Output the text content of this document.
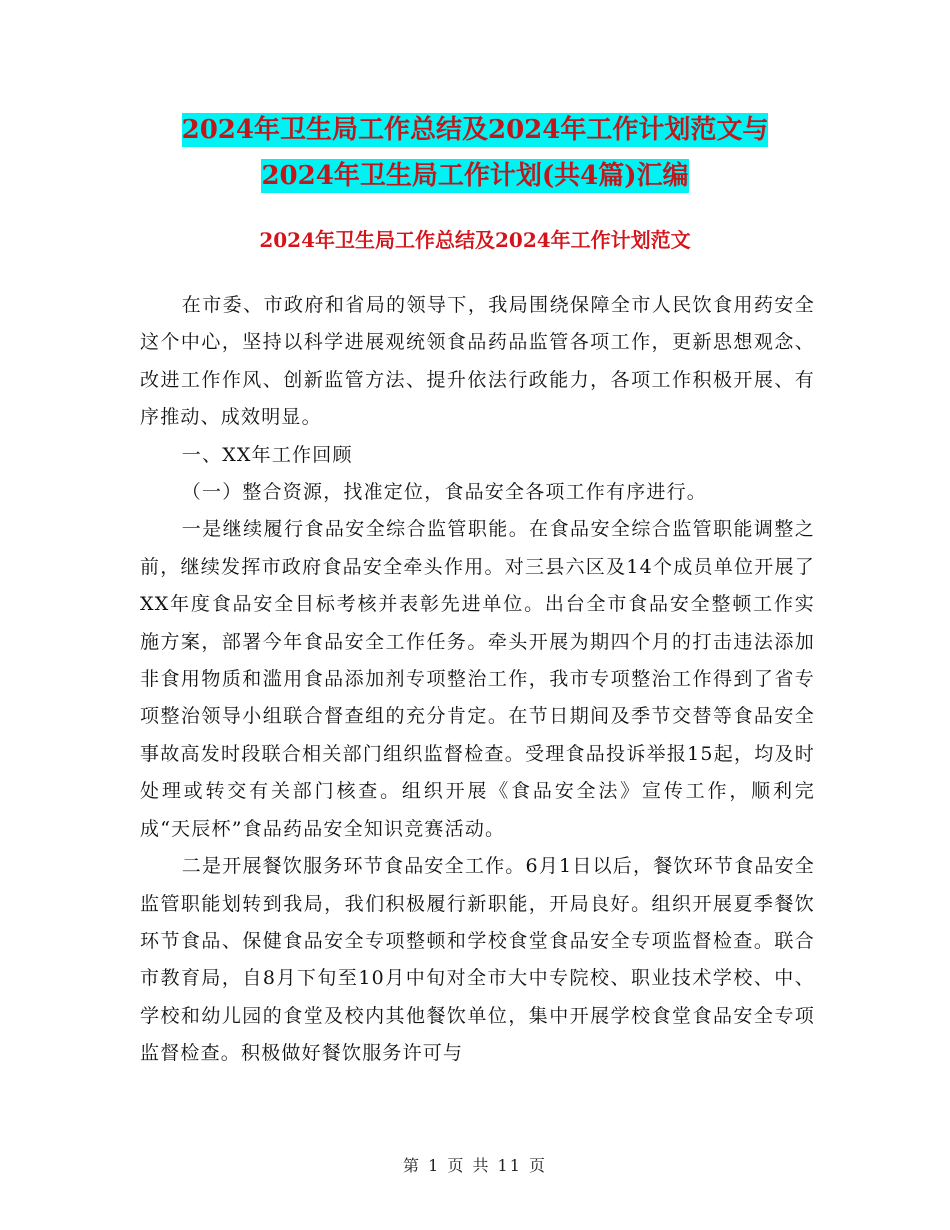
2024年卫生局工作总结及2024年工作计划范文与
2024年卫生局工作计划(共4篇)汇编
2024年卫生局工作总结及2024年工作计划范文

在市委、市政府和省局的领导下，我局围绕保障全市人民饮食用药安全这个中心，坚持以科学进展观统领食品药品监管各项工作，更新思想观念、改进工作作风、创新监管方法、提升依法行政能力，各项工作积极开展、有序推动、成效明显。

一、XX年工作回顾

（一）整合资源，找准定位，食品安全各项工作有序进行。

一是继续履行食品安全综合监管职能。在食品安全综合监管职能调整之前，继续发挥市政府食品安全牵头作用。对三县六区及14个成员单位开展了XX年度食品安全目标考核并表彰先进单位。出台全市食品安全整顿工作实施方案，部署今年食品安全工作任务。牵头开展为期四个月的打击违法添加非食用物质和滥用食品添加剂专项整治工作，我市专项整治工作得到了省专项整治领导小组联合督查组的充分肯定。在节日期间及季节交替等食品安全事故高发时段联合相关部门组织监督检查。受理食品投诉举报15起，均及时处理或转交有关部门核查。组织开展《食品安全法》宣传工作，顺利完成“天辰杯”食品药品安全知识竞赛活动。

二是开展餐饮服务环节食品安全工作。6月1日以后，餐饮环节食品安全监管职能划转到我局，我们积极履行新职能，开局良好。组织开展夏季餐饮环节食品、保健食品安全专项整顿和学校食堂食品安全专项监督检查。联合市教育局，自8月下旬至10月中旬对全市大中专院校、职业技术学校、中、学校和幼儿园的食堂及校内其他餐饮单位，集中开展学校食堂食品安全专项监督检查。积极做好餐饮服务许可与

第 1 页 共 11 页
